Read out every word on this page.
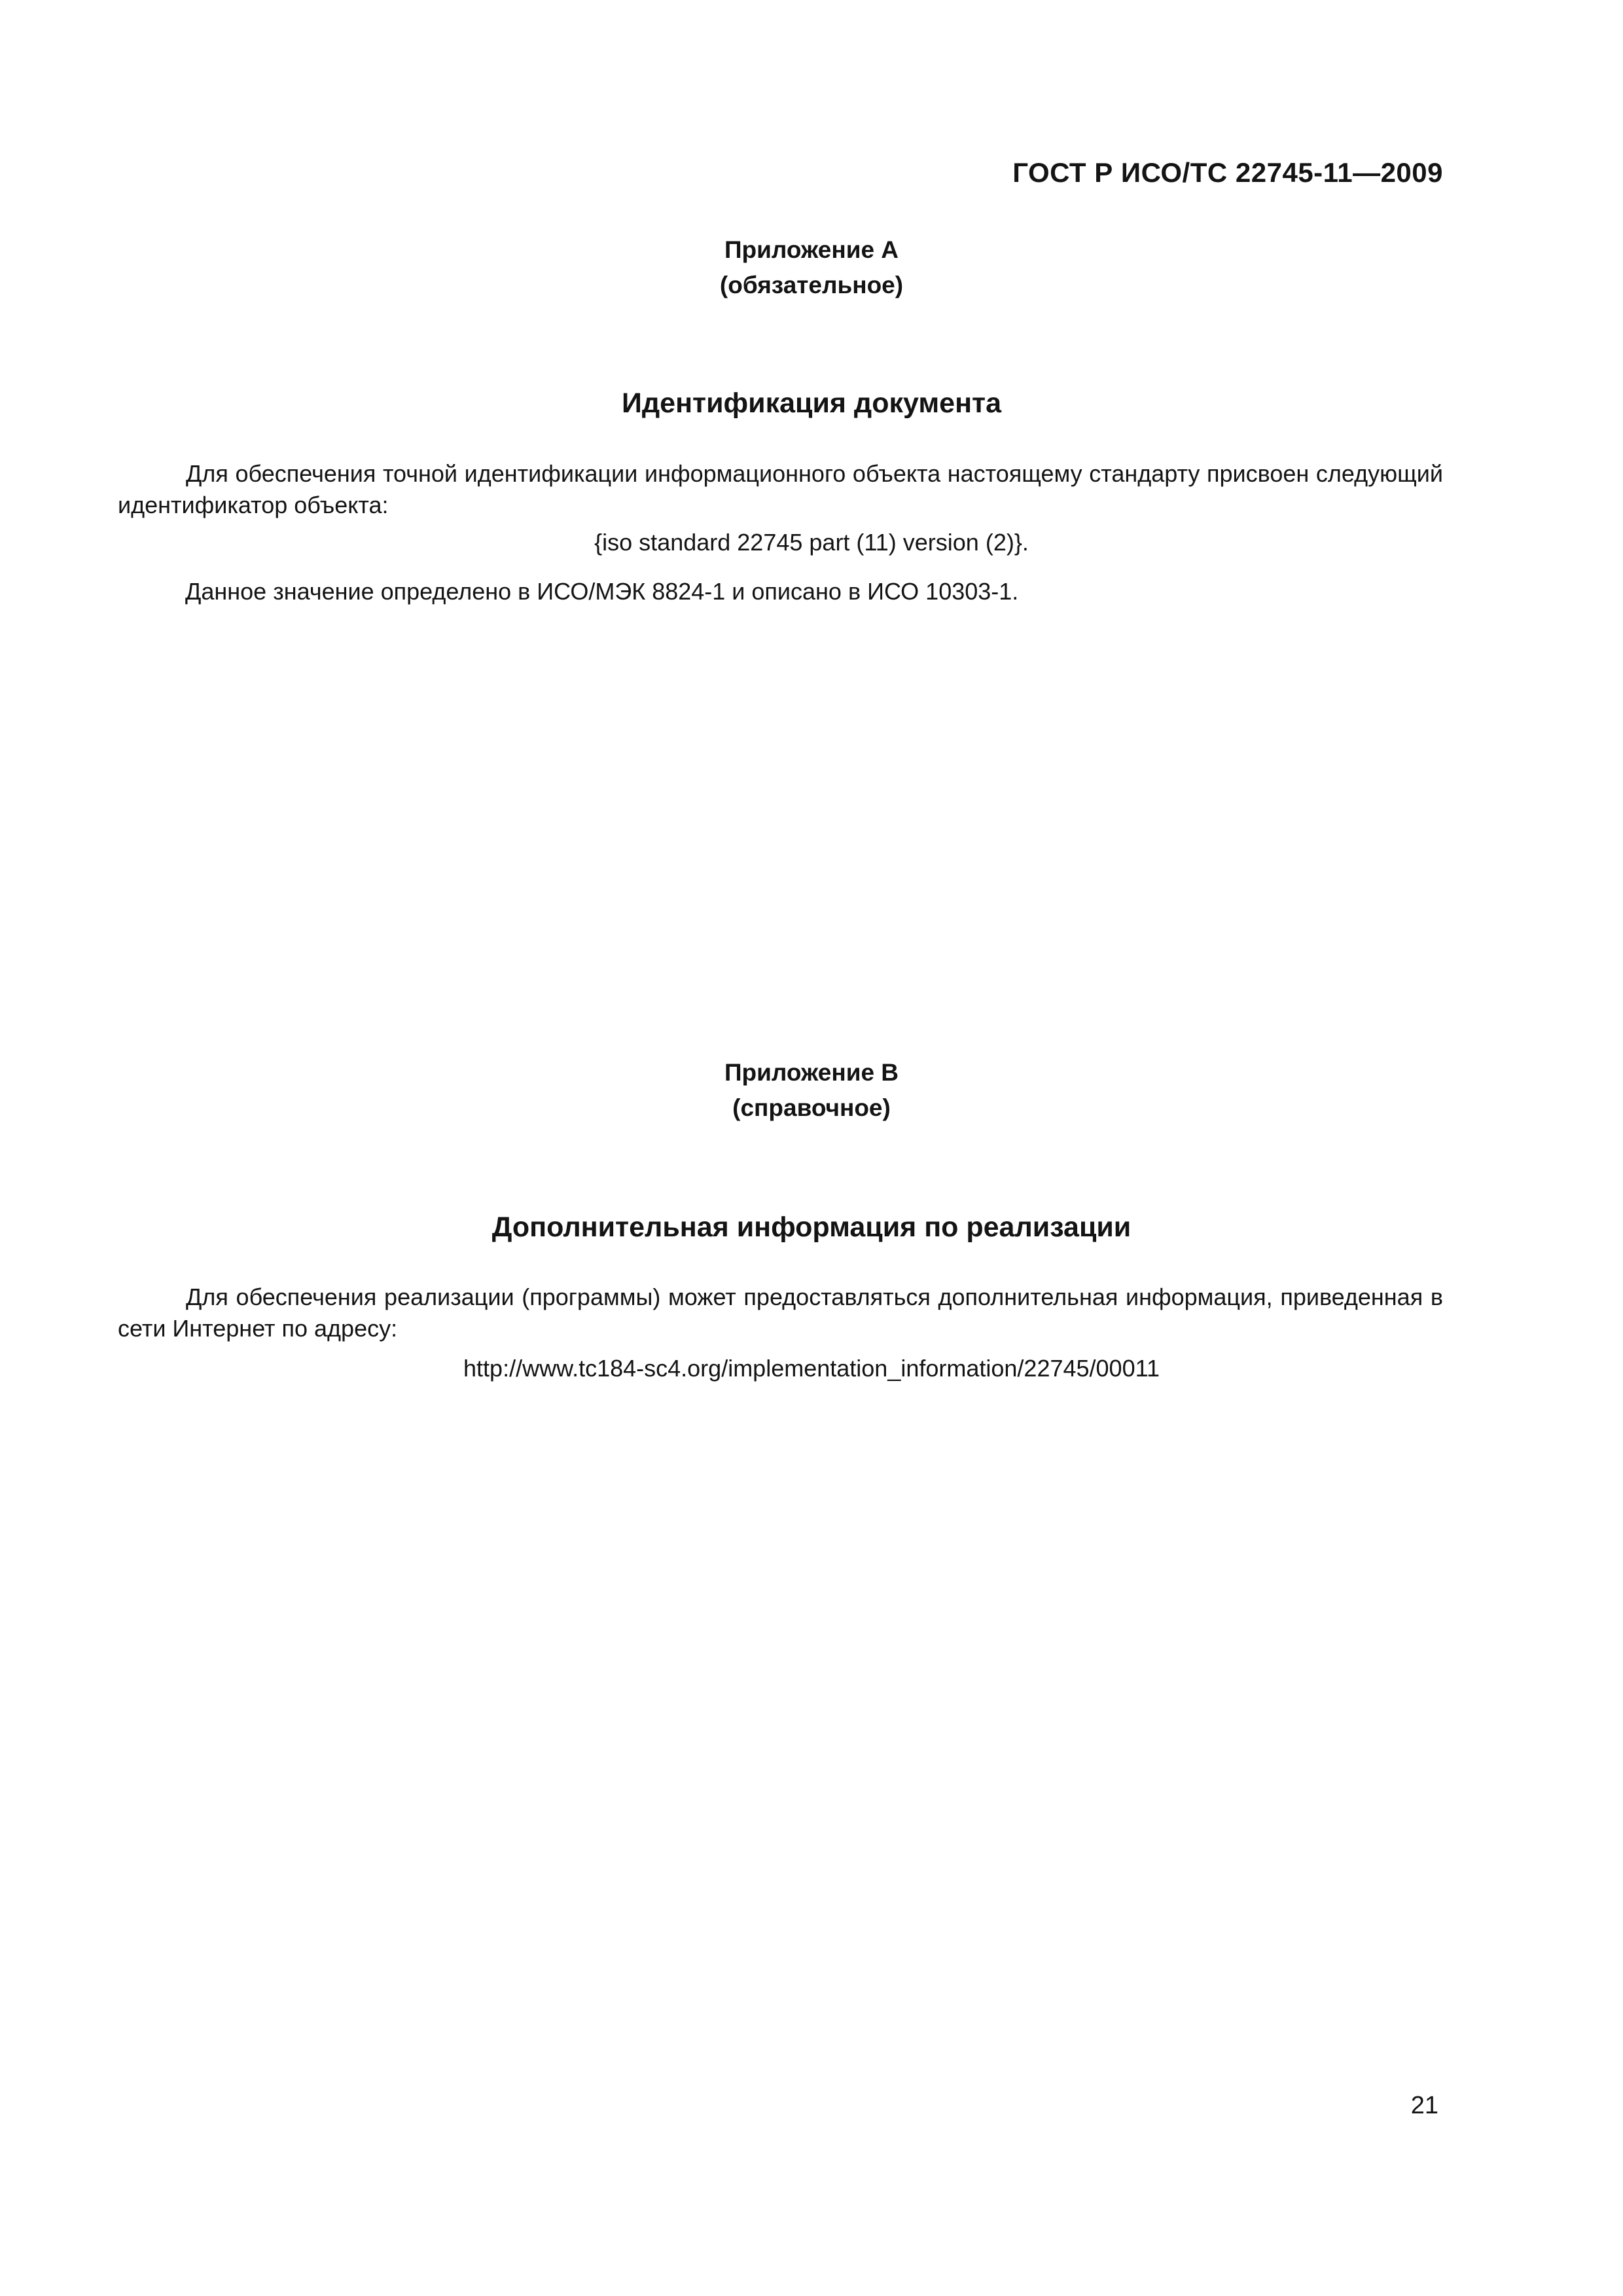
ГОСТ Р ИСО/ТС 22745-11—2009
Приложение А
(обязательное)
Идентификация документа

Для обеспечения точной идентификации информационного объекта настоящему стандарту присвоен следующий идентификатор объекта:

{iso standard 22745 part (11) version (2)}.
Данное значение определено в ИСО/МЭК 8824-1 и описано в ИСО 10303-1.
Приложение В
(справочное)
Дополнительная информация по реализации

Для обеспечения реализации (программы) может предоставляться дополнительная информация, приведенная в сети Интернет по адресу:

http://www.tc184-sc4.org/implementation_information/22745/00011
21
